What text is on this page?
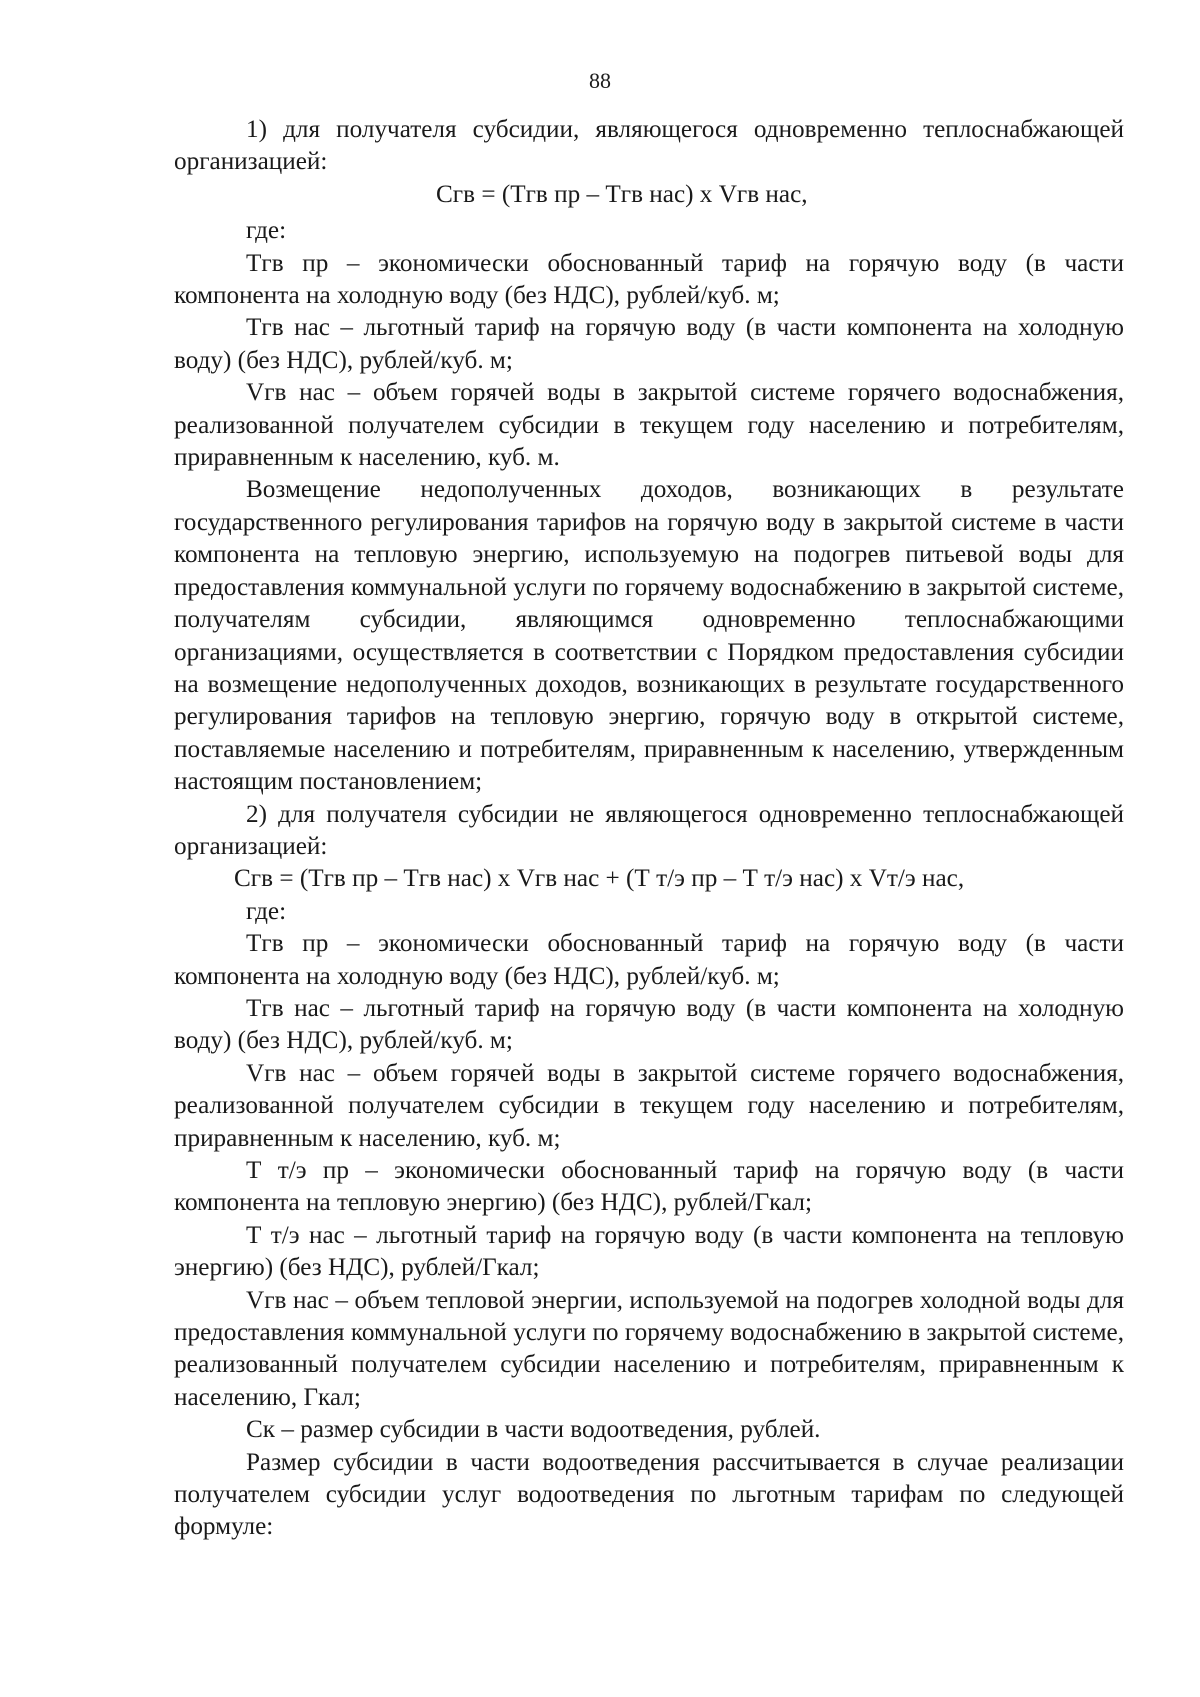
88

1) для получателя субсидии, являющегося одновременно теплоснабжающей организацией:

Сгв = (Тгв пр – Тгв нас) х Vгв нас,

где:

Тгв пр – экономически обоснованный тариф на горячую воду (в части компонента на холодную воду (без НДС), рублей/куб. м;

Тгв нас – льготный тариф на горячую воду (в части компонента на холодную воду) (без НДС), рублей/куб. м;

Vгв нас – объем горячей воды в закрытой системе горячего водоснабжения, реализованной получателем субсидии в текущем году населению и потребителям, приравненным к населению, куб. м.

Возмещение недополученных доходов, возникающих в результате государственного регулирования тарифов на горячую воду в закрытой системе в части компонента на тепловую энергию, используемую на подогрев питьевой воды для предоставления коммунальной услуги по горячему водоснабжению в закрытой системе, получателям субсидии, являющимся одновременно теплоснабжающими организациями, осуществляется в соответствии с Порядком предоставления субсидии на возмещение недополученных доходов, возникающих в результате государственного регулирования тарифов на тепловую энергию, горячую воду в открытой системе, поставляемые населению и потребителям, приравненным к населению, утвержденным настоящим постановлением;

2) для получателя субсидии не являющегося одновременно теплоснабжающей организацией:

Сгв = (Тгв пр – Тгв нас) х Vгв нас + (Т т/э пр – Т т/э нас) х Vт/э нас,

где:

Тгв пр – экономически обоснованный тариф на горячую воду (в части компонента на холодную воду (без НДС), рублей/куб. м;

Тгв нас – льготный тариф на горячую воду (в части компонента на холодную воду) (без НДС), рублей/куб. м;

Vгв нас – объем горячей воды в закрытой системе горячего водоснабжения, реализованной получателем субсидии в текущем году населению и потребителям, приравненным к населению, куб. м;

Т т/э пр – экономически обоснованный тариф на горячую воду (в части компонента на тепловую энергию) (без НДС), рублей/Гкал;

Т т/э нас – льготный тариф на горячую воду (в части компонента на тепловую энергию) (без НДС), рублей/Гкал;

Vгв нас – объем тепловой энергии, используемой на подогрев холодной воды для предоставления коммунальной услуги по горячему водоснабжению в закрытой системе, реализованный получателем субсидии населению и потребителям, приравненным к населению, Гкал;

Ск – размер субсидии в части водоотведения, рублей.

Размер субсидии в части водоотведения рассчитывается в случае реализации получателем субсидии услуг водоотведения по льготным тарифам по следующей формуле:
